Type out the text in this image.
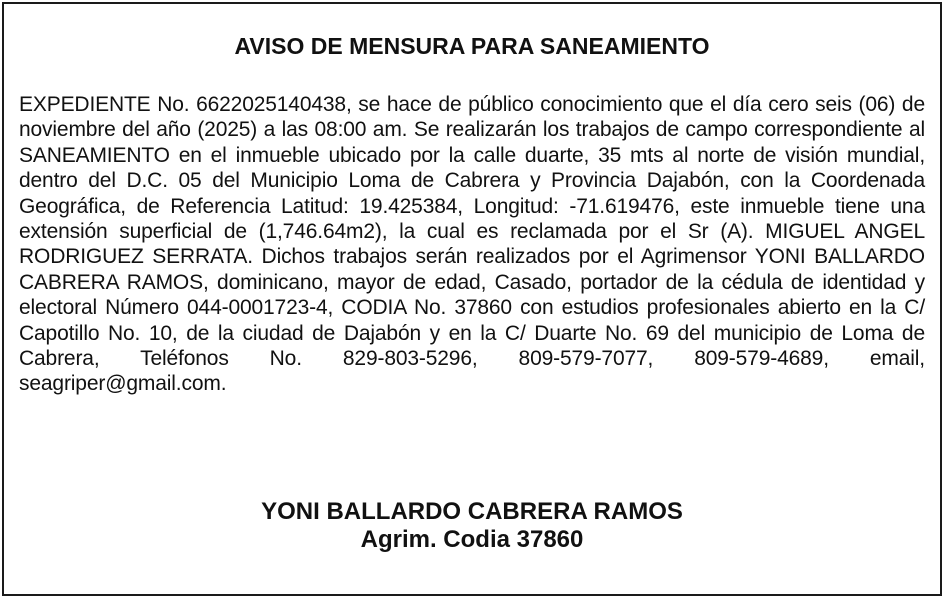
AVISO DE MENSURA PARA SANEAMIENTO

EXPEDIENTE No. 6622025140438, se hace de público conocimiento que el día cero seis (06) de noviembre del año (2025) a las 08:00 am. Se realizarán los trabajos de campo correspondiente al SANEAMIENTO en el inmueble ubicado por la calle duarte, 35 mts al norte de visión mundial, dentro del D.C. 05 del Municipio Loma de Cabrera y Provincia Dajabón, con la Coordenada Geográfica, de Referencia Latitud: 19.425384, Longitud: -71.619476, este inmueble tiene una extensión superficial de (1,746.64m2), la cual es reclamada por el Sr (A). MIGUEL ANGEL RODRIGUEZ SERRATA. Dichos trabajos serán realizados por el Agrimensor YONI BALLARDO CABRERA RAMOS, dominicano, mayor de edad, Casado, portador de la cédula de identidad y electoral Número 044-0001723-4, CODIA No. 37860 con estudios profesionales abierto en la C/ Capotillo No. 10, de la ciudad de Dajabón y en la C/ Duarte No. 69 del municipio de Loma de Cabrera, Teléfonos No. 829-803-5296, 809-579-7077, 809-579-4689, email, seagriper@gmail.com.

YONI BALLARDO CABRERA RAMOS

Agrim. Codia 37860
